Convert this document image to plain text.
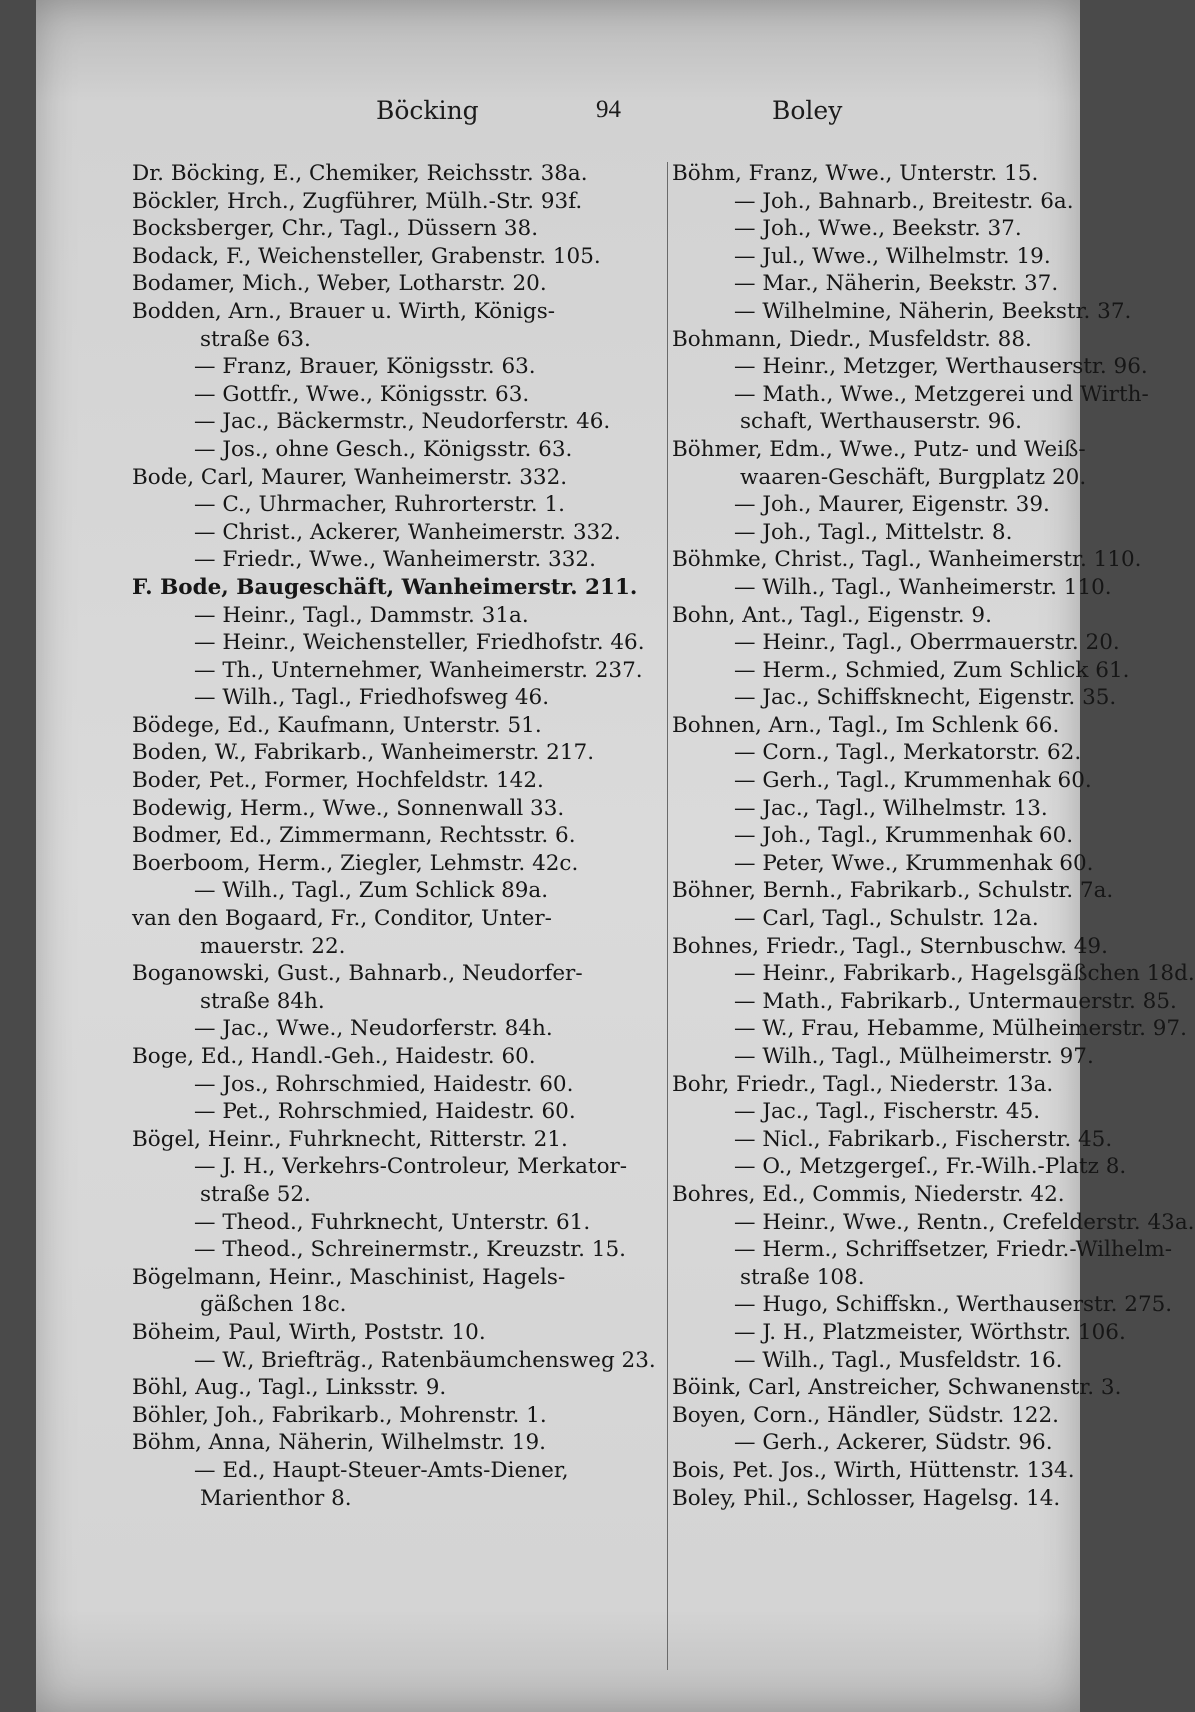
Böcking	94	Boley
Dr. Böcking, E., Chemiker, Reichsstr. 38a.
Böckler, Hrch., Zugführer, Mülh.-Str. 93f.
Bocksberger, Chr., Tagl., Düssern 38.
Bodack, F., Weichensteller, Grabenstr. 105.
Bodamer, Mich., Weber, Lotharstr. 20.
Bodden, Arn., Brauer u. Wirth, Königs-
straße 63.
— Franz, Brauer, Königsstr. 63.
— Gottfr., Wwe., Königsstr. 63.
— Jac., Bäckermstr., Neudorferstr. 46.
— Jos., ohne Gesch., Königsstr. 63.
Bode, Carl, Maurer, Wanheimerstr. 332.
— C., Uhrmacher, Ruhrorterstr. 1.
— Christ., Ackerer, Wanheimerstr. 332.
— Friedr., Wwe., Wanheimerstr. 332.
F. Bode, Baugeschäft, Wanheimerstr. 211.
— Heinr., Tagl., Dammstr. 31a.
— Heinr., Weichensteller, Friedhofstr. 46.
— Th., Unternehmer, Wanheimerstr. 237.
— Wilh., Tagl., Friedhofsweg 46.
Bödege, Ed., Kaufmann, Unterstr. 51.
Boden, W., Fabrikarb., Wanheimerstr. 217.
Boder, Pet., Former, Hochfeldstr. 142.
Bodewig, Herm., Wwe., Sonnenwall 33.
Bodmer, Ed., Zimmermann, Rechtsstr. 6.
Boerboom, Herm., Ziegler, Lehmstr. 42c.
— Wilh., Tagl., Zum Schlick 89a.
van den Bogaard, Fr., Conditor, Unter-
mauerstr. 22.
Boganowski, Gust., Bahnarb., Neudorfer-
straße 84h.
— Jac., Wwe., Neudorferstr. 84h.
Boge, Ed., Handl.-Geh., Haidestr. 60.
— Jos., Rohrschmied, Haidestr. 60.
— Pet., Rohrschmied, Haidestr. 60.
Bögel, Heinr., Fuhrknecht, Ritterstr. 21.
— J. H., Verkehrs-Controleur, Merkator-
straße 52.
— Theod., Fuhrknecht, Unterstr. 61.
— Theod., Schreinermstr., Kreuzstr. 15.
Bögelmann, Heinr., Maschinist, Hagels-
gäßchen 18c.
Böheim, Paul, Wirth, Poststr. 10.
— W., Briefträg., Ratenbäumchensweg 23.
Böhl, Aug., Tagl., Linksstr. 9.
Böhler, Joh., Fabrikarb., Mohrenstr. 1.
Böhm, Anna, Näherin, Wilhelmstr. 19.
— Ed., Haupt-Steuer-Amts-Diener,
Marienthor 8.
Böhm, Franz, Wwe., Unterstr. 15.
— Joh., Bahnarb., Breitestr. 6a.
— Joh., Wwe., Beekstr. 37.
— Jul., Wwe., Wilhelmstr. 19.
— Mar., Näherin, Beekstr. 37.
— Wilhelmine, Näherin, Beekstr. 37.
Bohmann, Diedr., Musfeldstr. 88.
— Heinr., Metzger, Werthauserstr. 96.
— Math., Wwe., Metzgerei und Wirth-
schaft, Werthauserstr. 96.
Böhmer, Edm., Wwe., Putz- und Weiß-
waaren-Geschäft, Burgplatz 20.
— Joh., Maurer, Eigenstr. 39.
— Joh., Tagl., Mittelstr. 8.
Böhmke, Christ., Tagl., Wanheimerstr. 110.
— Wilh., Tagl., Wanheimerstr. 110.
Bohn, Ant., Tagl., Eigenstr. 9.
— Heinr., Tagl., Oberrmauerstr. 20.
— Herm., Schmied, Zum Schlick 61.
— Jac., Schiffsknecht, Eigenstr. 35.
Bohnen, Arn., Tagl., Im Schlenk 66.
— Corn., Tagl., Merkatorstr. 62.
— Gerh., Tagl., Krummenhak 60.
— Jac., Tagl., Wilhelmstr. 13.
— Joh., Tagl., Krummenhak 60.
— Peter, Wwe., Krummenhak 60.
Böhner, Bernh., Fabrikarb., Schulstr. 7a.
— Carl, Tagl., Schulstr. 12a.
Bohnes, Friedr., Tagl., Sternbuschw. 49.
— Heinr., Fabrikarb., Hagelsgäßchen 18d.
— Math., Fabrikarb., Untermauerstr. 85.
— W., Frau, Hebamme, Mülheimerstr. 97.
— Wilh., Tagl., Mülheimerstr. 97.
Bohr, Friedr., Tagl., Niederstr. 13a.
— Jac., Tagl., Fischerstr. 45.
— Nicl., Fabrikarb., Fischerstr. 45.
— O., Metzgergeſ., Fr.-Wilh.-Platz 8.
Bohres, Ed., Commis, Niederstr. 42.
— Heinr., Wwe., Rentn., Crefelderstr. 43a.
— Herm., Schriffsetzer, Friedr.-Wilhelm-
straße 108.
— Hugo, Schiffskn., Werthauserstr. 275.
— J. H., Platzmeister, Wörthstr. 106.
— Wilh., Tagl., Musfeldstr. 16.
Böink, Carl, Anstreicher, Schwanenstr. 3.
Boyen, Corn., Händler, Südstr. 122.
— Gerh., Ackerer, Südstr. 96.
Bois, Pet. Jos., Wirth, Hüttenstr. 134.
Boley, Phil., Schlosser, Hagelsg. 14.
